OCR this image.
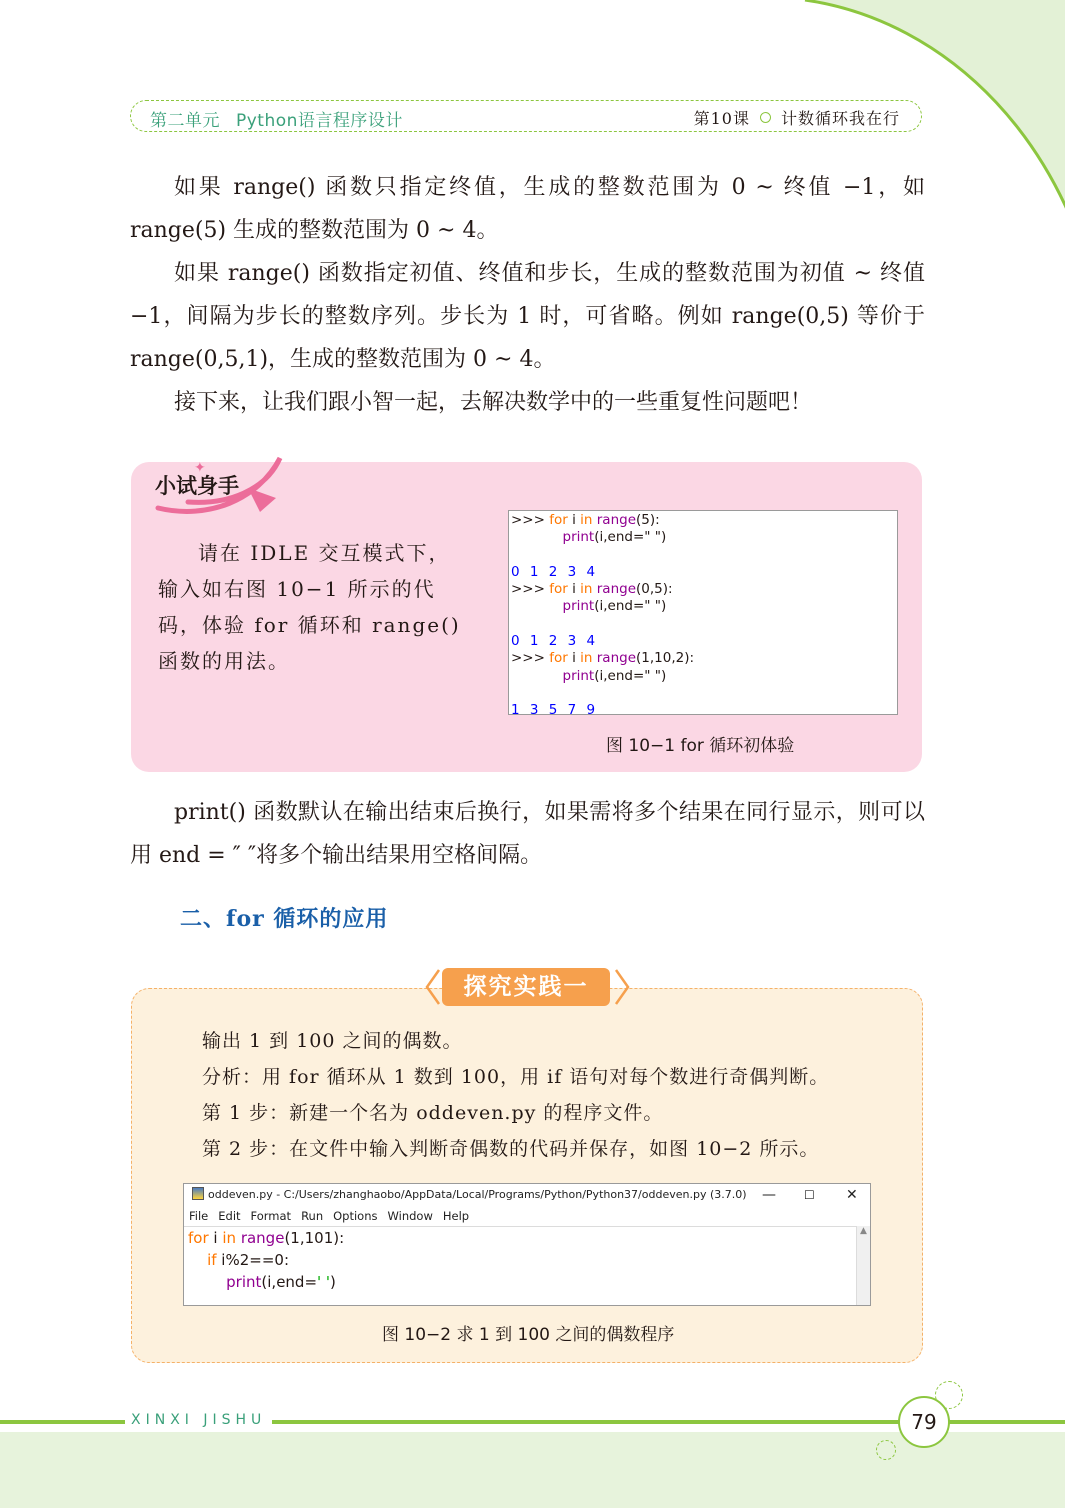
第二单元 Python语言程序设计	第10课 计数循环我在行

如果 range() 函数只指定终值，生成的整数范围为 0 ~ 终值 −1，如 range(5) 生成的整数范围为 0 ~ 4。

如果 range() 函数指定初值、终值和步长，生成的整数范围为初值 ~ 终值 −1，间隔为步长的整数序列。步长为 1 时，可省略。例如 range(0,5) 等价于 range(0,5,1)，生成的整数范围为 0 ~ 4。

接下来，让我们跟小智一起，去解决数学中的一些重复性问题吧！

✦
小试身手

请在 IDLE 交互模式下，输入如右图 10−1 所示的代码，体验 for 循环和 range()函数的用法。

>>> for i in range(5):
print(i,end=" ")
0 1 2 3 4
>>> for i in range(0,5):
print(i,end=" ")
0 1 2 3 4
>>> for i in range(1,10,2):
print(i,end=" ")
1 3 5 7 9
图 10−1 for 循环初体验

print() 函数默认在输出结束后换行，如果需将多个结果在同行显示，则可以用 end = ″ ″将多个输出结果用空格间隔。

二、for 循环的应用
探究实践一

输出 1 到 100 之间的偶数。

分析：用 for 循环从 1 数到 100，用 if 语句对每个数进行奇偶判断。

第 1 步：新建一个名为 oddeven.py 的程序文件。

第 2 步：在文件中输入判断奇偶数的代码并保存，如图 10−2 所示。

oddeven.py - C:/Users/zhanghaobo/AppData/Local/Programs/Python/Python37/oddeven.py (3.7.0) — ☐ ✕
File Edit Format Run Options Window Help
for i in range(1,101):
if i%2==0:
print(i,end=' ')
▲
图 10−2 求 1 到 100 之间的偶数程序
XINXI JISHU	79
